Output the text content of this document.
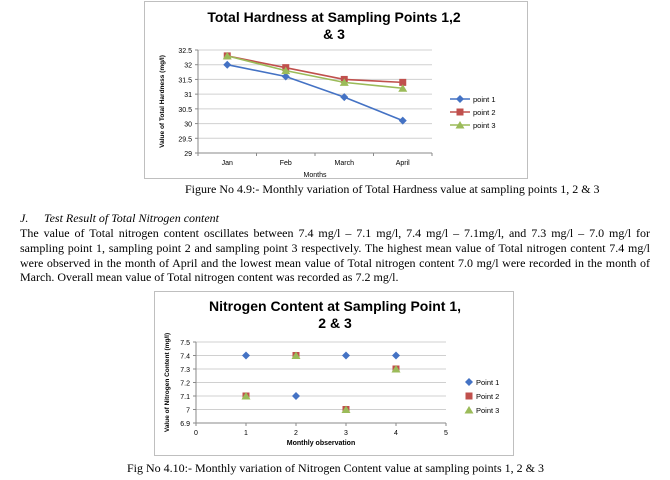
Total Hardness at Sampling Points 1,2
& 3
29
29.5
30
30.5
31
31.5
32
32.5
Jan	Feb	March	April
Months
Value of Total Hardness (mg/l)	point 1
point 2
point 3
Figure No 4.9:- Monthly variation of Total Hardness value at sampling points 1, 2 & 3
J. Test Result of Total Nitrogen content

The value of Total nitrogen content oscillates between 7.4 mg/l – 7.1 mg/l, 7.4 mg/l – 7.1mg/l, and 7.3 mg/l – 7.0 mg/l for sampling point 1, sampling point 2 and sampling point 3 respectively. The highest mean value of Total nitrogen content 7.4 mg/l were observed in the month of April and the lowest mean value of Total nitrogen content 7.0 mg/l were recorded in the month of March. Overall mean value of Total nitrogen content was recorded as 7.2 mg/l.

Nitrogen Content at Sampling Point 1,
2 & 3
6.9
7
7.1
7.2
7.3
7.4
7.5
0	1	2	3	4	5
Monthly observation
Value of Nitrogen Content (mg/l)	Point 1
Point 2
Point 3
Fig No 4.10:- Monthly variation of Nitrogen Content value at sampling points 1, 2 & 3
